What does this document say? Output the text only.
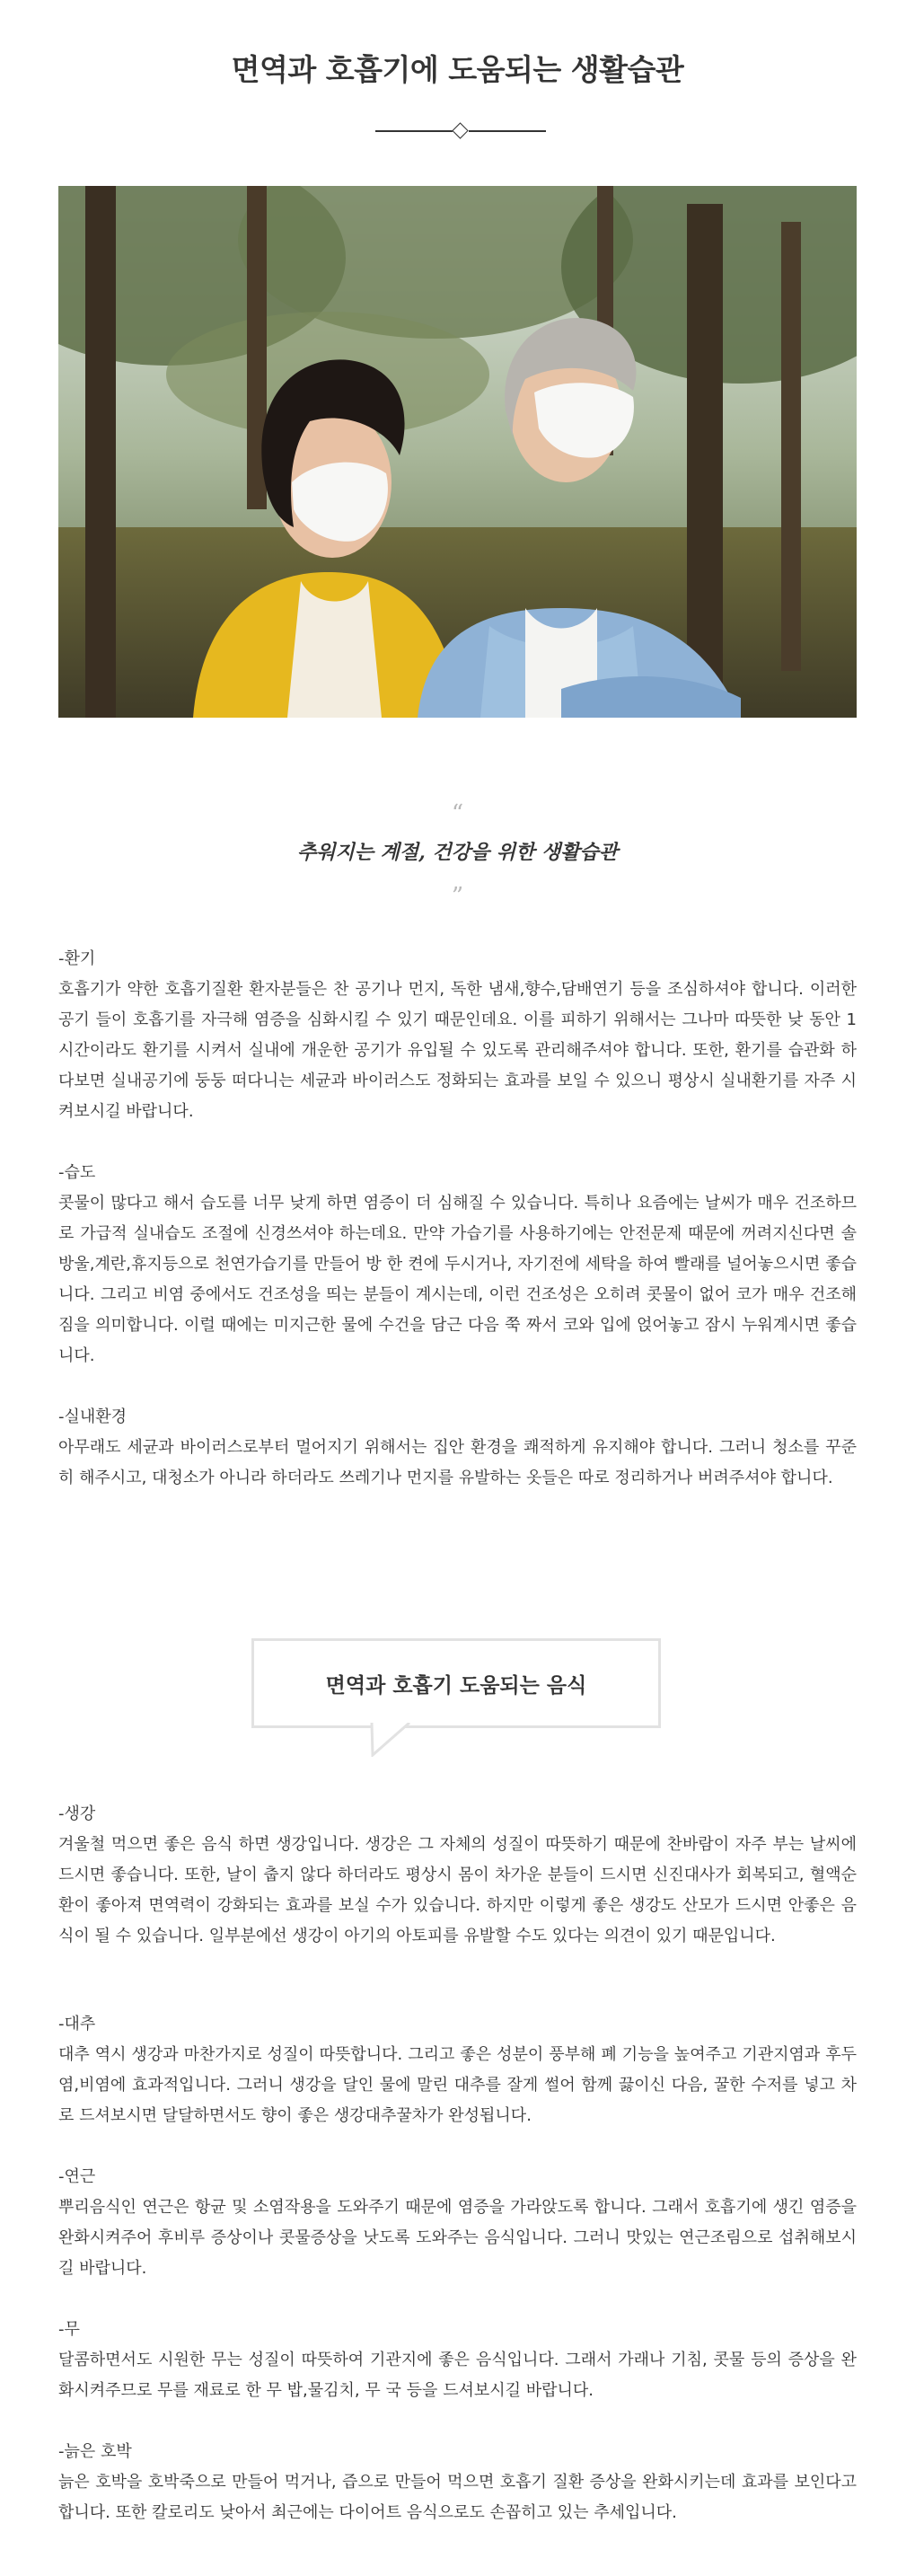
면역과 호흡기에 도움되는 생활습관
“
추워지는 계절, 건강을 위한 생활습관
”
-환기
호흡기가 약한 호흡기질환 환자분들은 찬 공기나 먼지, 독한 냄새,향수,담배연기 등을 조심하셔야 합니다. 이러한 공기 들이 호흡기를 자극해 염증을 심화시킬 수 있기 때문인데요. 이를 피하기 위해서는 그나마 따뜻한 낮 동안 1시간이라도 환기를 시켜서 실내에 개운한 공기가 유입될 수 있도록 관리해주셔야 합니다. 또한, 환기를 습관화 하다보면 실내공기에 둥둥 떠다니는 세균과 바이러스도 정화되는 효과를 보일 수 있으니 평상시 실내환기를 자주 시켜보시길 바랍니다.
-습도
콧물이 많다고 해서 습도를 너무 낮게 하면 염증이 더 심해질 수 있습니다. 특히나 요즘에는 날씨가 매우 건조하므로 가급적 실내습도 조절에 신경쓰셔야 하는데요. 만약 가습기를 사용하기에는 안전문제 때문에 꺼려지신다면 솔방울,계란,휴지등으로 천연가습기를 만들어 방 한 켠에 두시거나, 자기전에 세탁을 하여 빨래를 널어놓으시면 좋습니다. 그리고 비염 중에서도 건조성을 띄는 분들이 계시는데, 이런 건조성은 오히려 콧물이 없어 코가 매우 건조해짐을 의미합니다. 이럴 때에는 미지근한 물에 수건을 담근 다음 쭉 짜서 코와 입에 얹어놓고 잠시 누워계시면 좋습니다.
-실내환경
아무래도 세균과 바이러스로부터 멀어지기 위해서는 집안 환경을 쾌적하게 유지해야 합니다. 그러니 청소를 꾸준히 해주시고, 대청소가 아니라 하더라도 쓰레기나 먼지를 유발하는 옷들은 따로 정리하거나 버려주셔야 합니다.
면역과 호흡기 도움되는 음식
-생강
겨울철 먹으면 좋은 음식 하면 생강입니다. 생강은 그 자체의 성질이 따뜻하기 때문에 찬바람이 자주 부는 날씨에 드시면 좋습니다. 또한, 날이 춥지 않다 하더라도 평상시 몸이 차가운 분들이 드시면 신진대사가 회복되고, 혈액순환이 좋아져 면역력이 강화되는 효과를 보실 수가 있습니다. 하지만 이렇게 좋은 생강도 산모가 드시면 안좋은 음식이 될 수 있습니다. 일부분에선 생강이 아기의 아토피를 유발할 수도 있다는 의견이 있기 때문입니다.
-대추
대추 역시 생강과 마찬가지로 성질이 따뜻합니다. 그리고 좋은 성분이 풍부해 폐 기능을 높여주고 기관지염과 후두염,비염에 효과적입니다. 그러니 생강을 달인 물에 말린 대추를 잘게 썰어 함께 끓이신 다음, 꿀한 수저를 넣고 차로 드셔보시면 달달하면서도 향이 좋은 생강대추꿀차가 완성됩니다.
-연근
뿌리음식인 연근은 항균 및 소염작용을 도와주기 때문에 염증을 가라앉도록 합니다. 그래서 호흡기에 생긴 염증을 완화시켜주어 후비루 증상이나 콧물증상을 낫도록 도와주는 음식입니다. 그러니 맛있는 연근조림으로 섭취해보시길 바랍니다.
-무
달콤하면서도 시원한 무는 성질이 따뜻하여 기관지에 좋은 음식입니다. 그래서 가래나 기침, 콧물 등의 증상을 완화시켜주므로 무를 재료로 한 무 밥,물김치, 무 국 등을 드셔보시길 바랍니다.
-늙은 호박
늙은 호박을 호박죽으로 만들어 먹거나, 즙으로 만들어 먹으면 호흡기 질환 증상을 완화시키는데 효과를 보인다고 합니다. 또한 칼로리도 낮아서 최근에는 다이어트 음식으로도 손꼽히고 있는 추세입니다.
